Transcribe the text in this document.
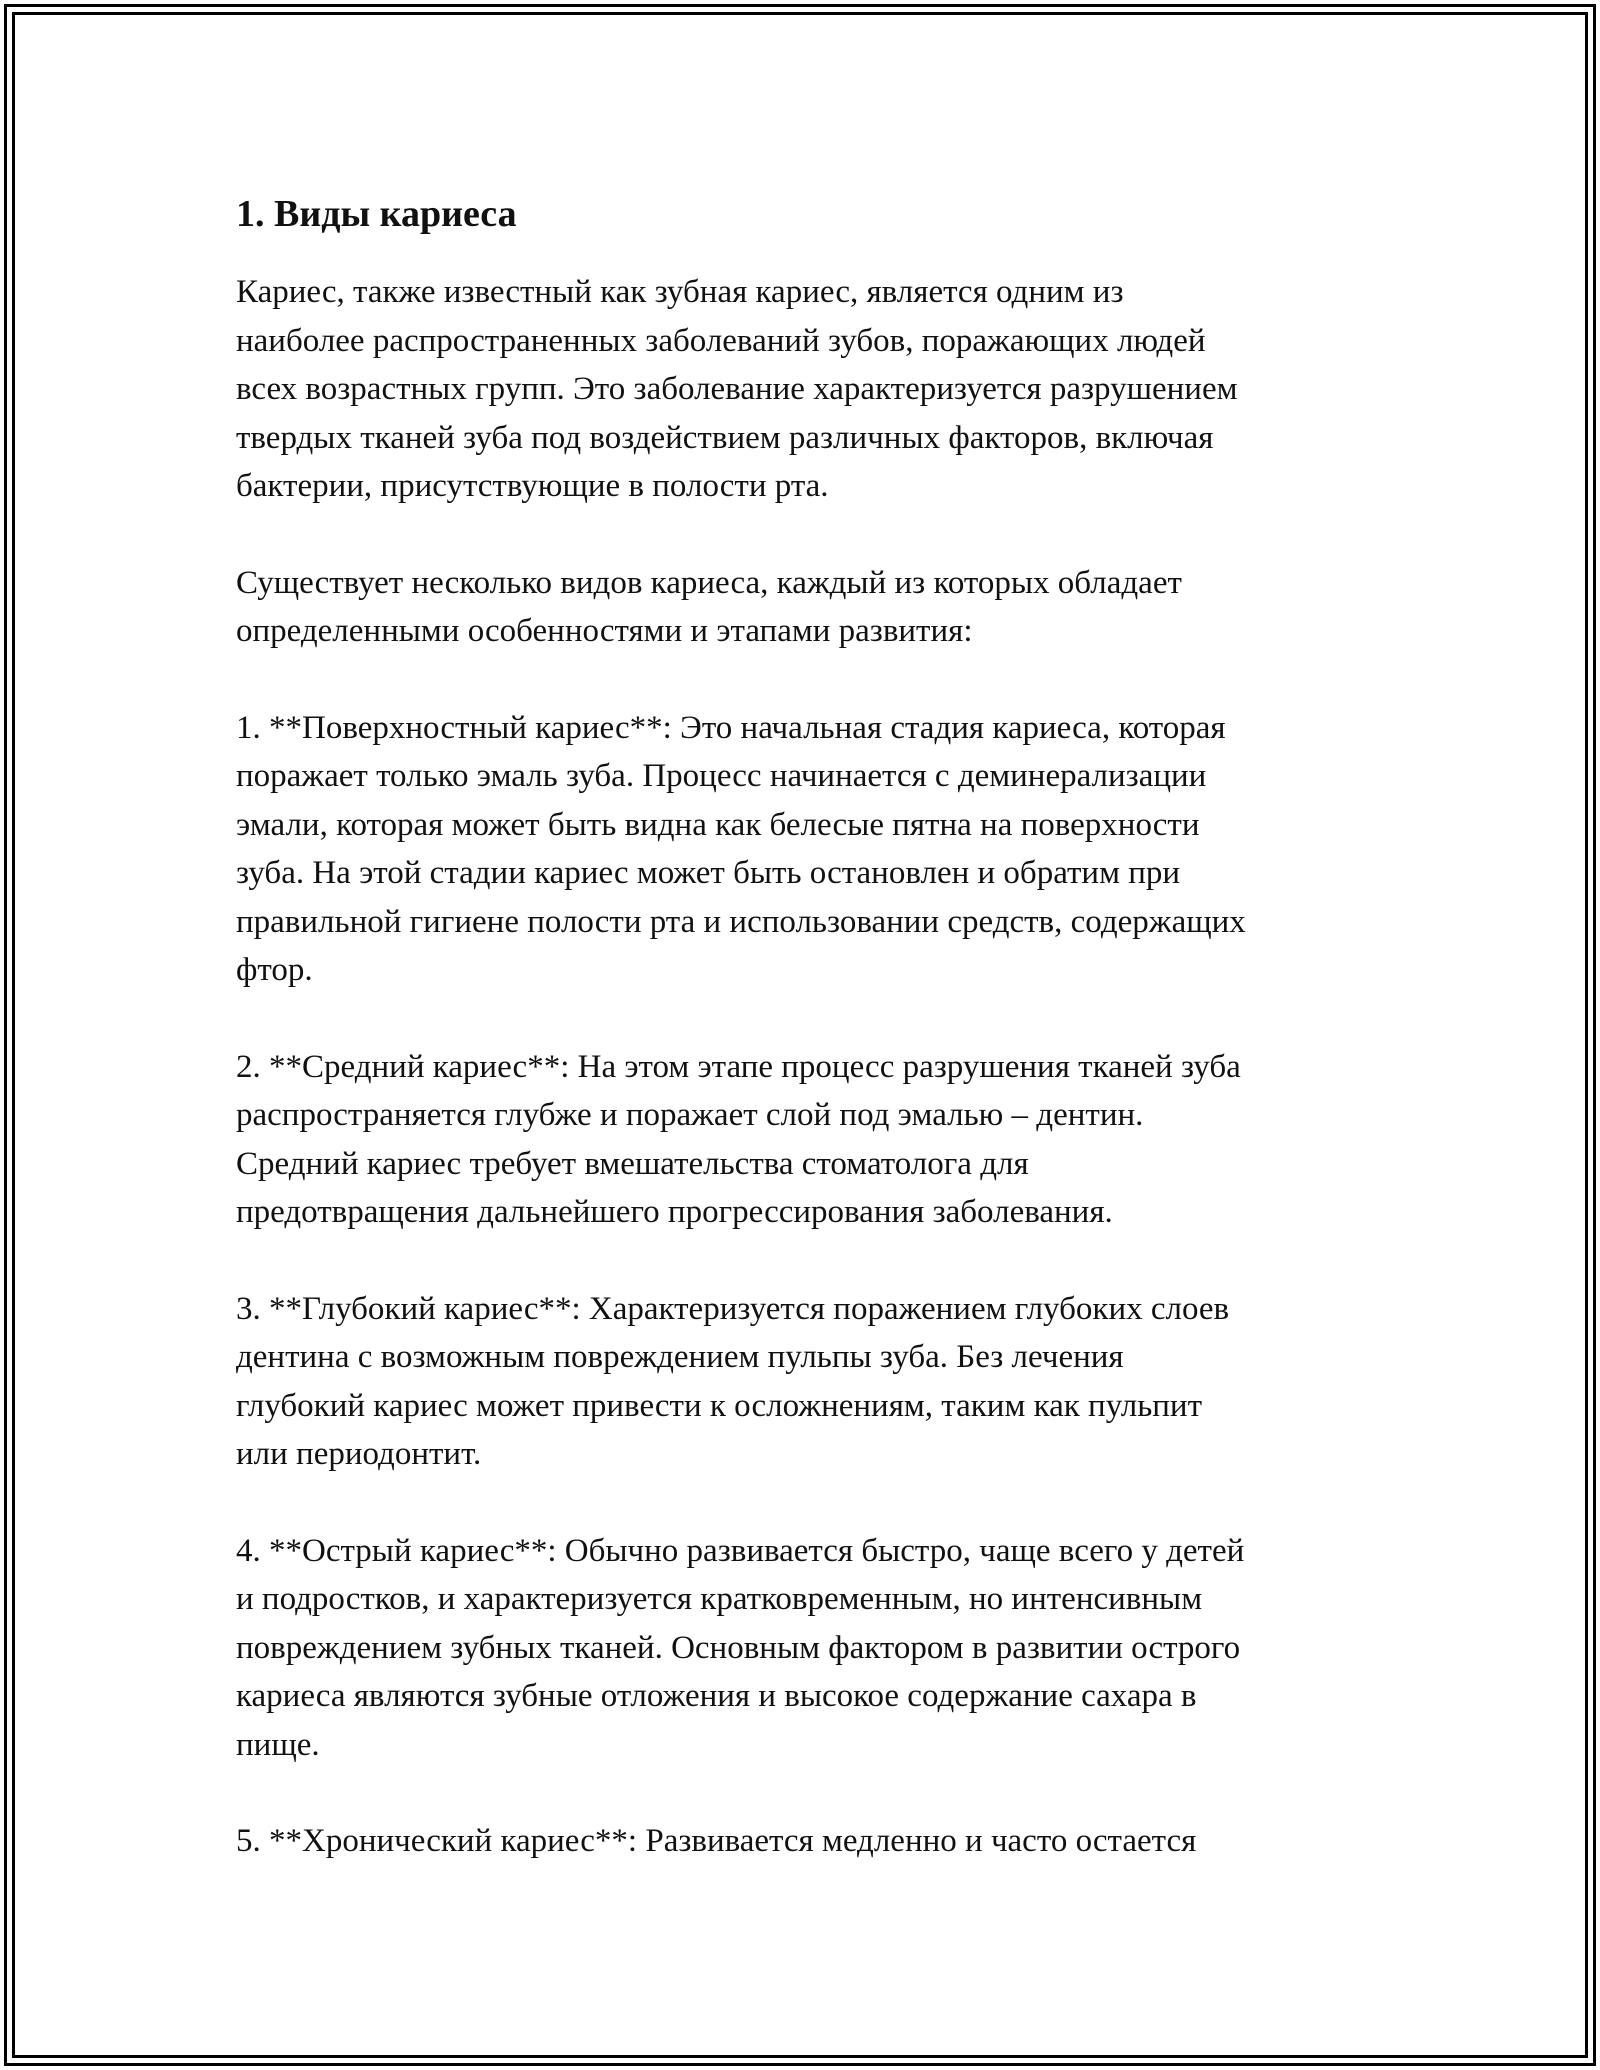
1. Виды кариеса

Кариес, также известный как зубная кариес, является одним из
наиболее распространенных заболеваний зубов, поражающих людей
всех возрастных групп. Это заболевание характеризуется разрушением
твердых тканей зуба под воздействием различных факторов, включая
бактерии, присутствующие в полости рта.

Существует несколько видов кариеса, каждый из которых обладает
определенными особенностями и этапами развития:

1. **Поверхностный кариес**: Это начальная стадия кариеса, которая
поражает только эмаль зуба. Процесс начинается с деминерализации
эмали, которая может быть видна как белесые пятна на поверхности
зуба. На этой стадии кариес может быть остановлен и обратим при
правильной гигиене полости рта и использовании средств, содержащих
фтор.

2. **Средний кариес**: На этом этапе процесс разрушения тканей зуба
распространяется глубже и поражает слой под эмалью – дентин.
Средний кариес требует вмешательства стоматолога для
предотвращения дальнейшего прогрессирования заболевания.

3. **Глубокий кариес**: Характеризуется поражением глубоких слоев
дентина с возможным повреждением пульпы зуба. Без лечения
глубокий кариес может привести к осложнениям, таким как пульпит
или периодонтит.

4. **Острый кариес**: Обычно развивается быстро, чаще всего у детей
и подростков, и характеризуется кратковременным, но интенсивным
повреждением зубных тканей. Основным фактором в развитии острого
кариеса являются зубные отложения и высокое содержание сахара в
пище.

5. **Хронический кариес**: Развивается медленно и часто остается
